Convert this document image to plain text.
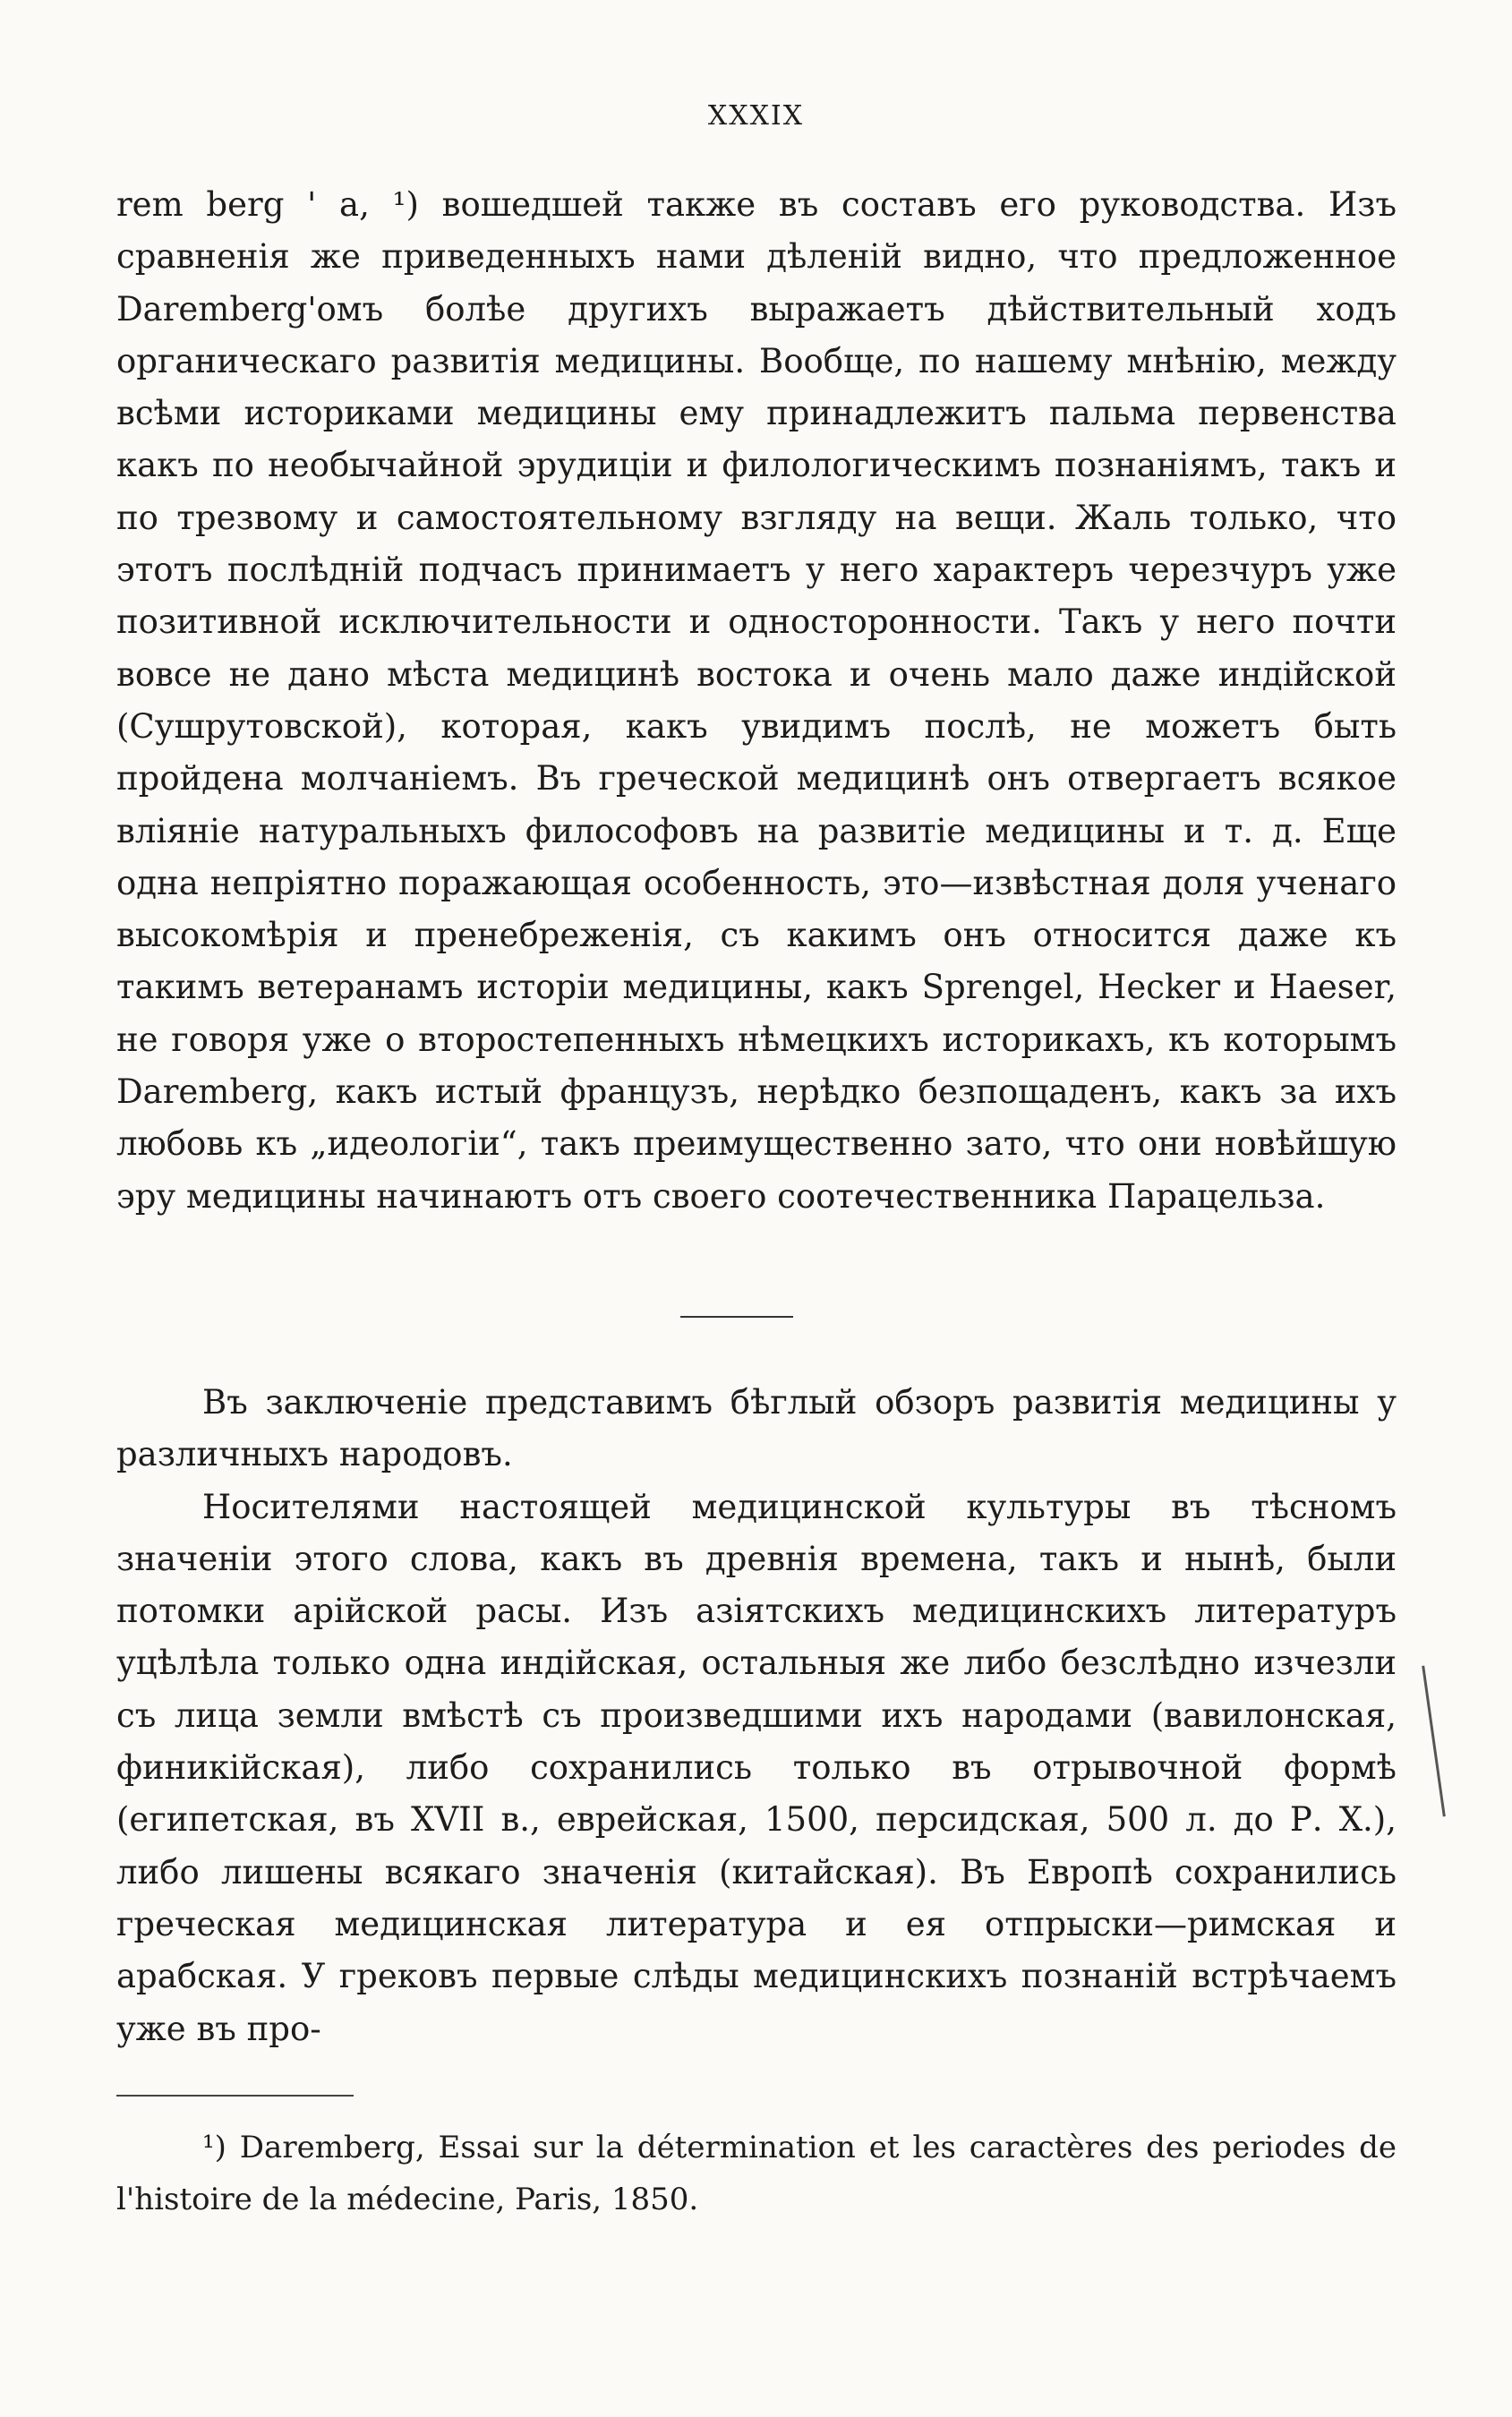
XXXIX

rem berg ' a, ¹) вошедшей также въ составъ его руководства. Изъ сравненія же приведенныхъ нами дѣленій видно, что предложенное Daremberg'омъ болѣе другихъ выражаетъ дѣйствительный ходъ органическаго развитія медицины. Вообще, по нашему мнѣнію, между всѣми историками медицины ему принадлежитъ пальма первенства какъ по необычайной эрудиціи и филологическимъ познаніямъ, такъ и по трезвому и самостоятельному взгляду на вещи. Жаль только, что этотъ послѣдній подчасъ принимаетъ у него характеръ черезчуръ уже позитивной исключительности и односторонности. Такъ у него почти вовсе не дано мѣста медицинѣ востока и очень мало даже индійской (Сушрутовской), которая, какъ увидимъ послѣ, не можетъ быть пройдена молчаніемъ. Въ греческой медицинѣ онъ отвергаетъ всякое вліяніе натуральныхъ философовъ на развитіе медицины и т. д. Еще одна непріятно поражающая особенность, это—извѣстная доля ученаго высокомѣрія и пренебреженія, съ какимъ онъ относится даже къ такимъ ветеранамъ исторіи медицины, какъ Sprengel, Hecker и Haeser, не говоря уже о второстепенныхъ нѣмецкихъ историкахъ, къ которымъ Daremberg, какъ истый французъ, нерѣдко безпощаденъ, какъ за ихъ любовь къ „идеологіи“, такъ преимущественно зато, что они новѣйшую эру медицины начинаютъ отъ своего соотечественника Парацельза.

Въ заключеніе представимъ бѣглый обзоръ развитія медицины у различныхъ народовъ.

Носителями настоящей медицинской культуры въ тѣсномъ значеніи этого слова, какъ въ древнія времена, такъ и нынѣ, были потомки арійской расы. Изъ азіятскихъ медицинскихъ литературъ уцѣлѣла только одна индійская, остальныя же либо безслѣдно изчезли съ лица земли вмѣстѣ съ произведшими ихъ народами (вавилонская, финикійская), либо сохранились только въ отрывочной формѣ (египетская, въ XVII в., еврейская, 1500, персидская, 500 л. до Р. Х.), либо лишены всякаго значенія (китайская). Въ Европѣ сохранились греческая медицинская литература и ея отпрыски—римская и арабская. У грековъ первые слѣды медицинскихъ познаній встрѣчаемъ уже въ про-

¹) Daremberg, Essai sur la détermination et les caractères des periodes de l'histoire de la médecine, Paris, 1850.
